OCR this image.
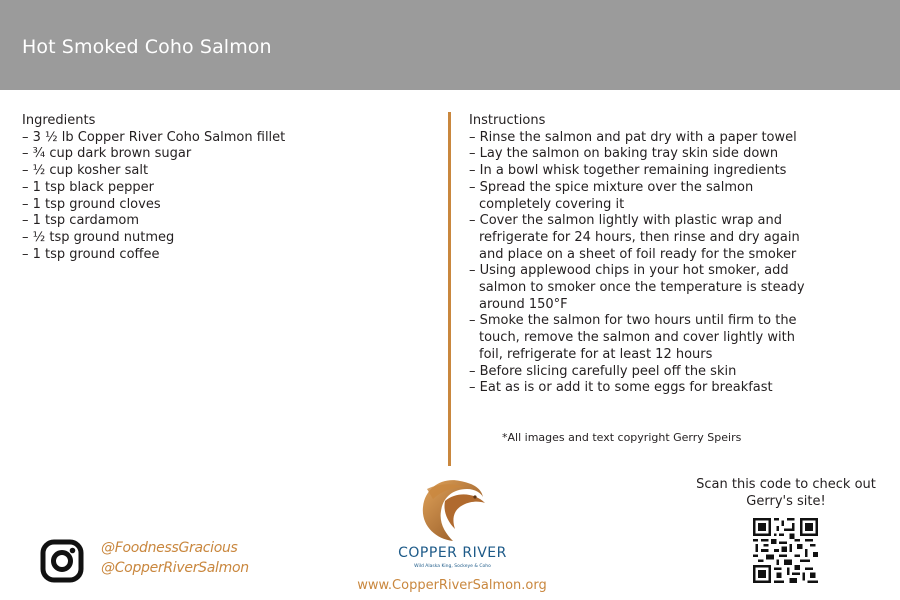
Hot Smoked Coho Salmon
Ingredients
– 3 ½ lb Copper River Coho Salmon fillet
– ¾ cup dark brown sugar
– ½ cup kosher salt
– 1 tsp black pepper
– 1 tsp ground cloves
– 1 tsp cardamom
– ½ tsp ground nutmeg
– 1 tsp ground coffee
Instructions
– Rinse the salmon and pat dry with a paper towel
– Lay the salmon on baking tray skin side down
– In a bowl whisk together remaining ingredients
– Spread the spice mixture over the salmon
completely covering it
– Cover the salmon lightly with plastic wrap and
refrigerate for 24 hours, then rinse and dry again
and place on a sheet of foil ready for the smoker
– Using applewood chips in your hot smoker, add
salmon to smoker once the temperature is steady
around 150°F
– Smoke the salmon for two hours until firm to the
touch, remove the salmon and cover lightly with
foil, refrigerate for at least 12 hours
– Before slicing carefully peel off the skin
– Eat as is or add it to some eggs for breakfast
*All images and text copyright Gerry Speirs
@FoodnessGracious
@CopperRiverSalmon
COPPER RIVER
Wild Alaska King, Sockeye & Coho
www.CopperRiverSalmon.org
Scan this code to check out
Gerry's site!
